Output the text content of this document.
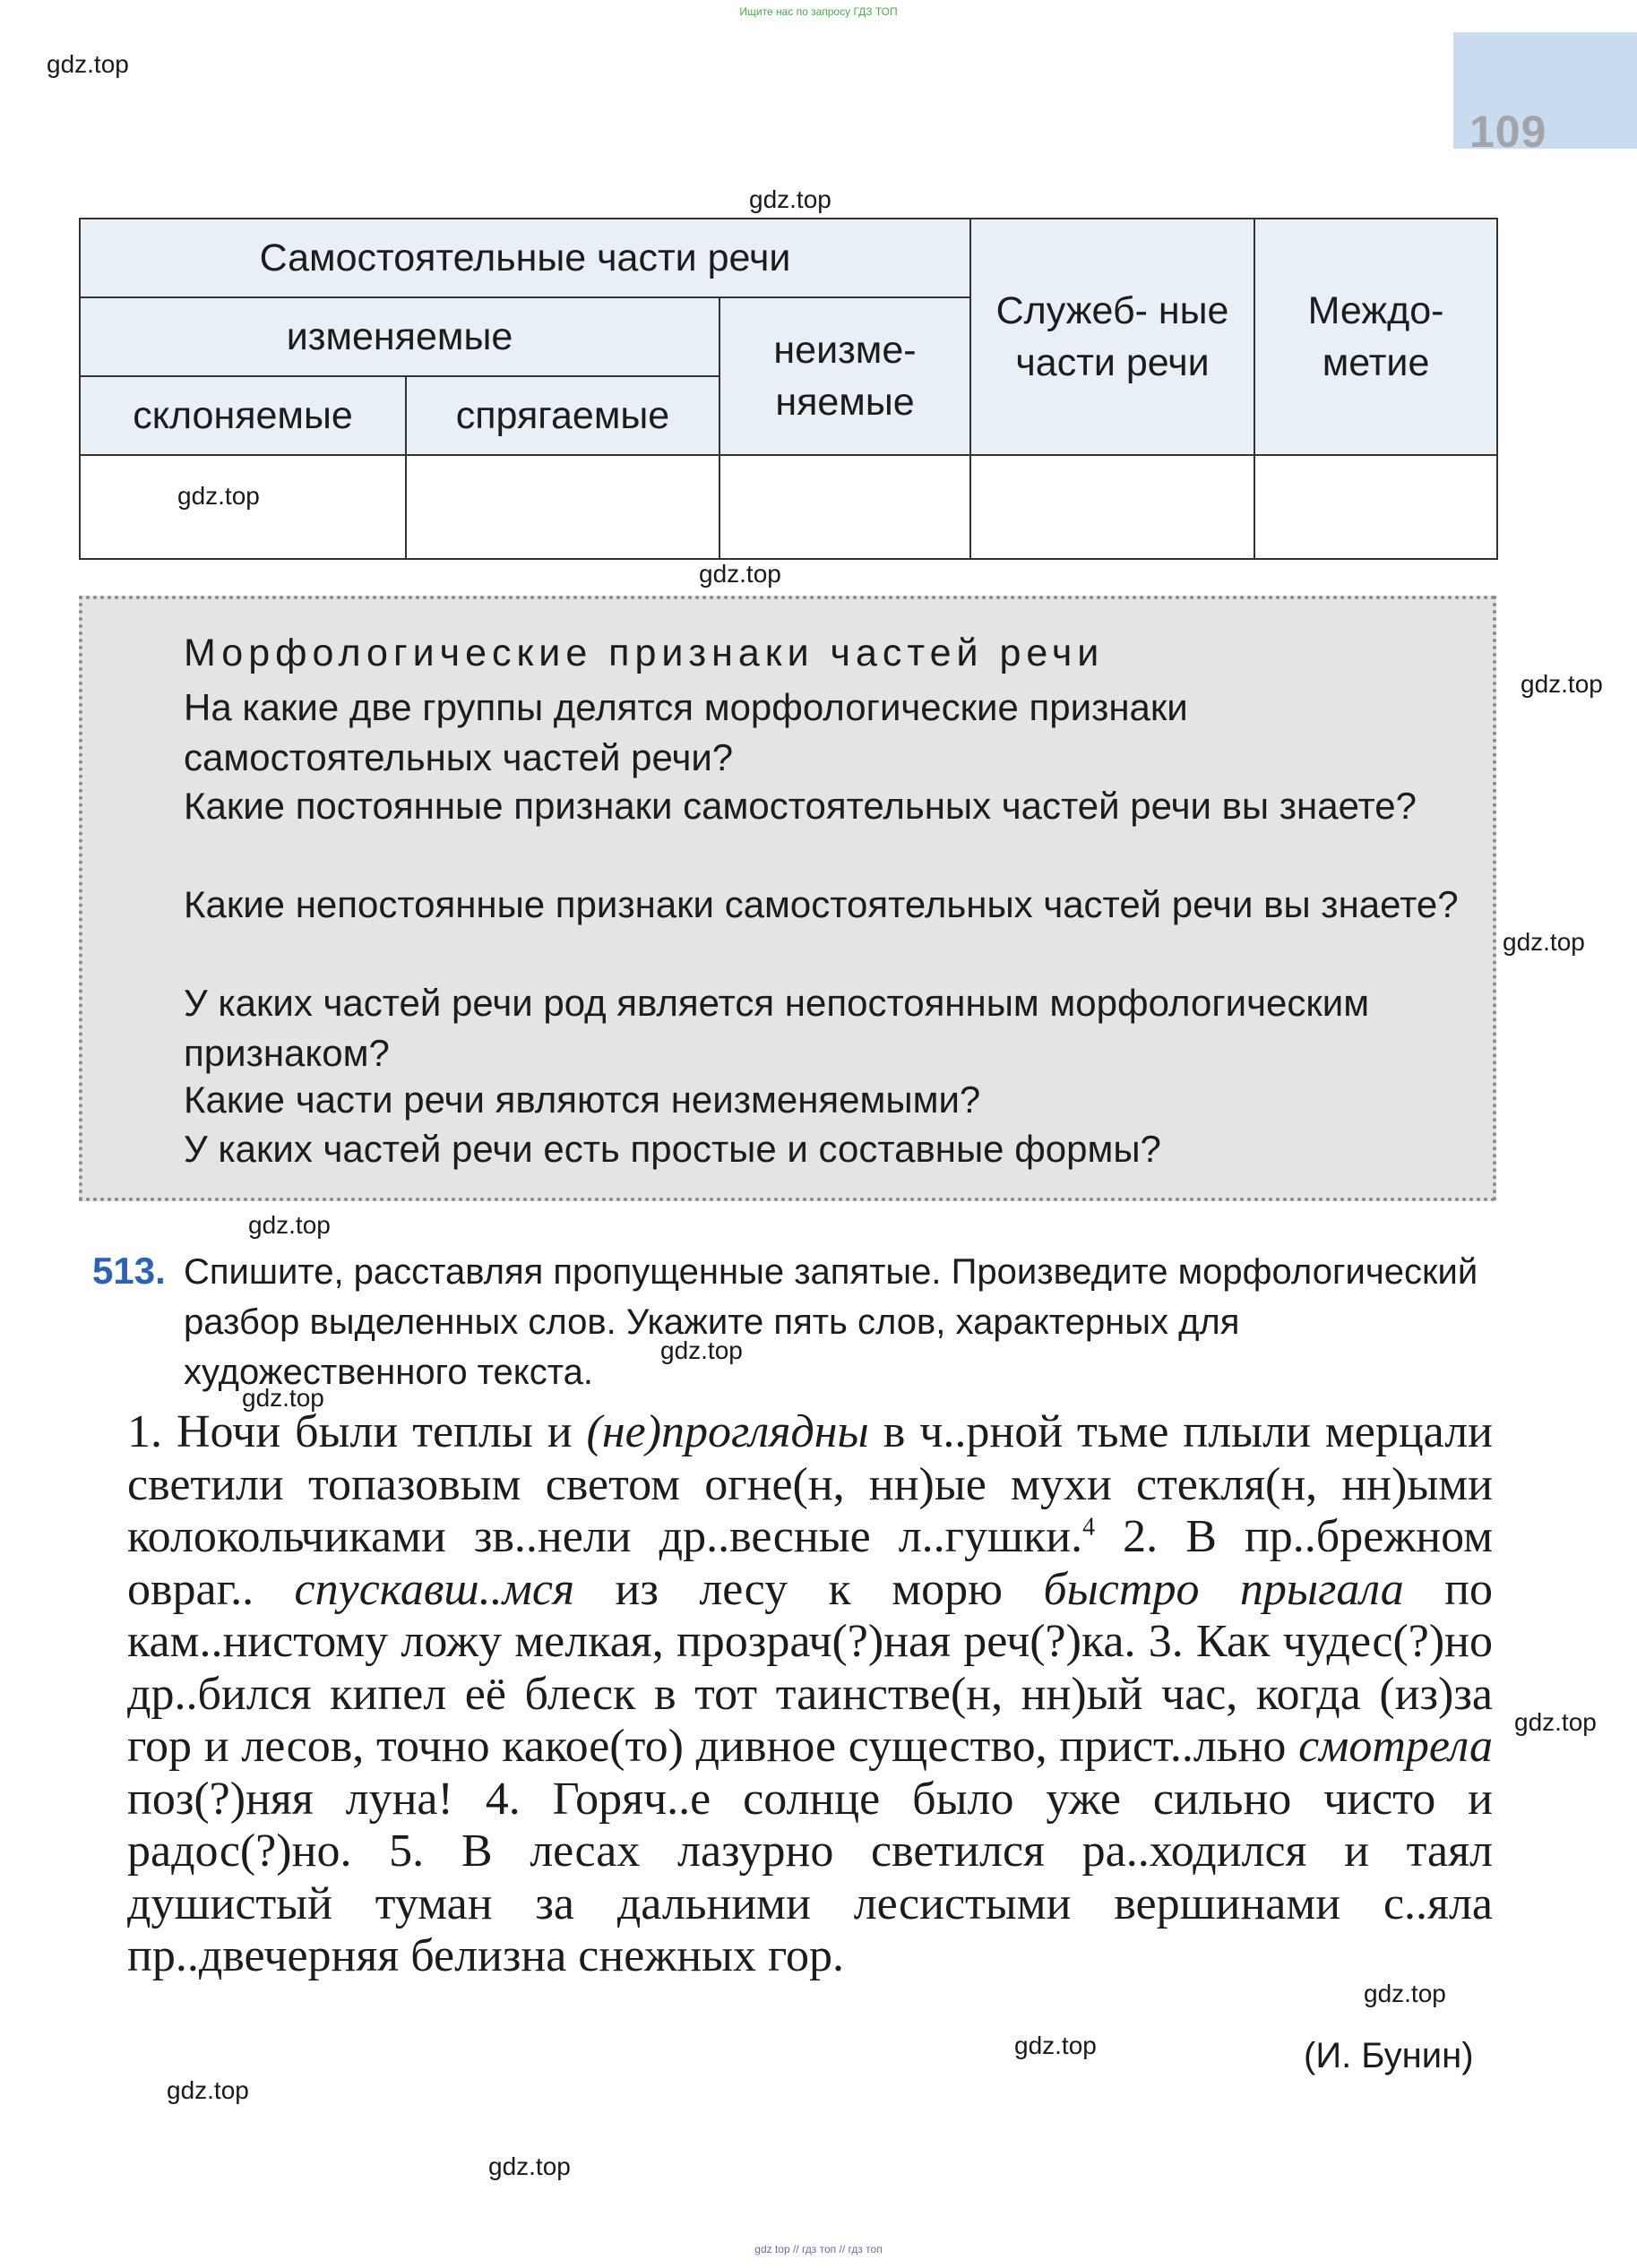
Ищите нас по запросу ГДЗ ТОП
109
gdz.top
gdz.top
gdz.top
gdz.top
gdz.top
gdz.top
gdz.top
gdz.top
gdz.top
gdz.top
gdz.top
gdz.top
gdz.top
gdz.top
Самостоятельные части речи			Служеб- ные части речи	Междо- метие
изменяемые		неизме- няемые		
склоняемые	спрягаемые			

Морфологические признаки частей речи
На какие две группы делятся морфологические признаки самостоятельных частей речи?
Какие постоянные признаки самостоятельных частей речи вы знаете?
Какие непостоянные признаки самостоятельных частей речи вы знаете?
У каких частей речи род является непостоянным морфологическим признаком?
Какие части речи являются неизменяемыми?
У каких частей речи есть простые и составные формы?
513. Спишите, расставляя пропущенные запятые. Произведите морфологический разбор выделенных слов. Укажите пять слов, характерных для художественного текста.
1. Ночи были теплы и (не)проглядны в ч..рной тьме плыли мерцали светили топазовым светом огне(н, нн)ые мухи стекля(н, нн)ыми колокольчиками зв..нели др..весные л..гушки.$^4$ 2. В пр..брежном овраг.. спускавш..мся из лесу к морю быстро прыгала по кам..нистому ложу мелкая, прозрач(?)ная реч(?)ка. 3. Как чудес(?)но др..бился кипел её блеск в тот таинстве(н, нн)ый час, когда (из)за гор и лесов, точно какое(то) дивное существо, прист..льно смотрела поз(?)няя луна! 4. Горяч..е солнце было уже сильно чисто и радос(?)но. 5. В лесах лазурно светился ра..ходился и таял душистый туман за дальними лесистыми вершинами с..яла пр..двечерняя белизна снежных гор.
(И. Бунин)
gdz top // гдз топ // гдз топ
